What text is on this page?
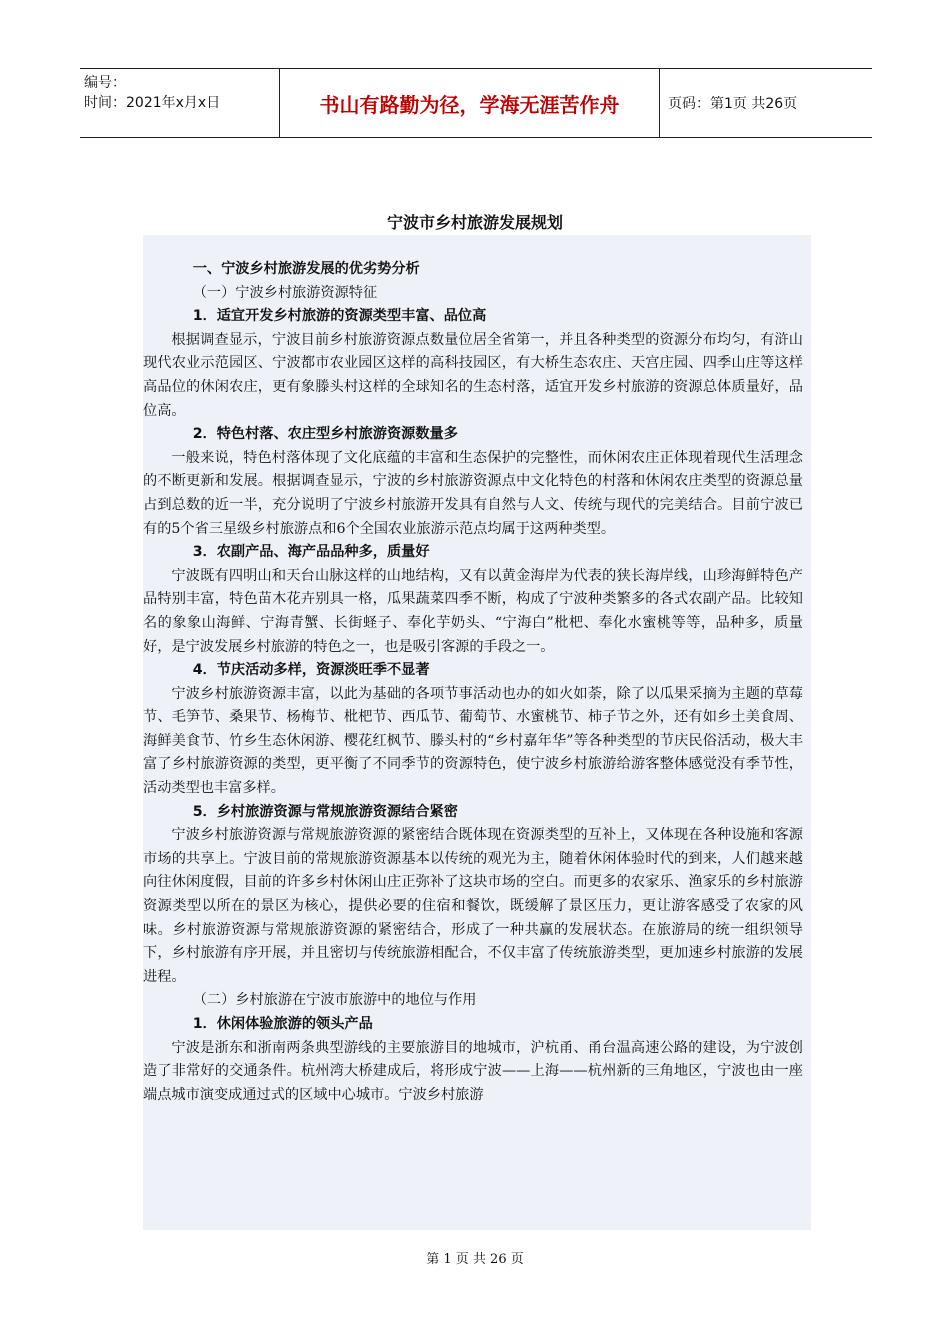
编号：
时间：2021年x月x日	书山有路勤为径，学海无涯苦作舟	页码：第1页 共26页
宁波市乡村旅游发展规划

一、宁波乡村旅游发展的优劣势分析

（一）宁波乡村旅游资源特征

1．适宜开发乡村旅游的资源类型丰富、品位高

根据调查显示，宁波目前乡村旅游资源点数量位居全省第一，并且各种类型的资源分布均匀，有浒山现代农业示范园区、宁波都市农业园区这样的高科技园区，有大桥生态农庄、天宫庄园、四季山庄等这样高品位的休闲农庄，更有象滕头村这样的全球知名的生态村落，适宜开发乡村旅游的资源总体质量好，品位高。

2．特色村落、农庄型乡村旅游资源数量多

一般来说，特色村落体现了文化底蕴的丰富和生态保护的完整性，而休闲农庄正体现着现代生活理念的不断更新和发展。根据调查显示，宁波的乡村旅游资源点中文化特色的村落和休闲农庄类型的资源总量占到总数的近一半，充分说明了宁波乡村旅游开发具有自然与人文、传统与现代的完美结合。目前宁波已有的5个省三星级乡村旅游点和6个全国农业旅游示范点均属于这两种类型。

3．农副产品、海产品品种多，质量好

宁波既有四明山和天台山脉这样的山地结构，又有以黄金海岸为代表的狭长海岸线，山珍海鲜特色产品特别丰富，特色苗木花卉别具一格，瓜果蔬菜四季不断，构成了宁波种类繁多的各式农副产品。比较知名的象象山海鲜、宁海青蟹、长街蛏子、奉化芋奶头、“宁海白”枇杷、奉化水蜜桃等等，品种多，质量好，是宁波发展乡村旅游的特色之一，也是吸引客源的手段之一。

4．节庆活动多样，资源淡旺季不显著

宁波乡村旅游资源丰富，以此为基础的各项节事活动也办的如火如荼，除了以瓜果采摘为主题的草莓节、毛笋节、桑果节、杨梅节、枇杷节、西瓜节、葡萄节、水蜜桃节、柿子节之外，还有如乡土美食周、海鲜美食节、竹乡生态休闲游、樱花红枫节、滕头村的“乡村嘉年华”等各种类型的节庆民俗活动，极大丰富了乡村旅游资源的类型，更平衡了不同季节的资源特色，使宁波乡村旅游给游客整体感觉没有季节性，活动类型也丰富多样。

5．乡村旅游资源与常规旅游资源结合紧密

宁波乡村旅游资源与常规旅游资源的紧密结合既体现在资源类型的互补上，又体现在各种设施和客源市场的共享上。宁波目前的常规旅游资源基本以传统的观光为主，随着休闲体验时代的到来，人们越来越向往休闲度假，目前的许多乡村休闲山庄正弥补了这块市场的空白。而更多的农家乐、渔家乐的乡村旅游资源类型以所在的景区为核心，提供必要的住宿和餐饮，既缓解了景区压力，更让游客感受了农家的风味。乡村旅游资源与常规旅游资源的紧密结合，形成了一种共赢的发展状态。在旅游局的统一组织领导下，乡村旅游有序开展，并且密切与传统旅游相配合，不仅丰富了传统旅游类型，更加速乡村旅游的发展进程。

（二）乡村旅游在宁波市旅游中的地位与作用

1．休闲体验旅游的领头产品

宁波是浙东和浙南两条典型游线的主要旅游目的地城市，沪杭甬、甬台温高速公路的建设，为宁波创造了非常好的交通条件。杭州湾大桥建成后，将形成宁波——上海——杭州新的三角地区，宁波也由一座端点城市演变成通过式的区域中心城市。宁波乡村旅游

第 1 页 共 26 页
